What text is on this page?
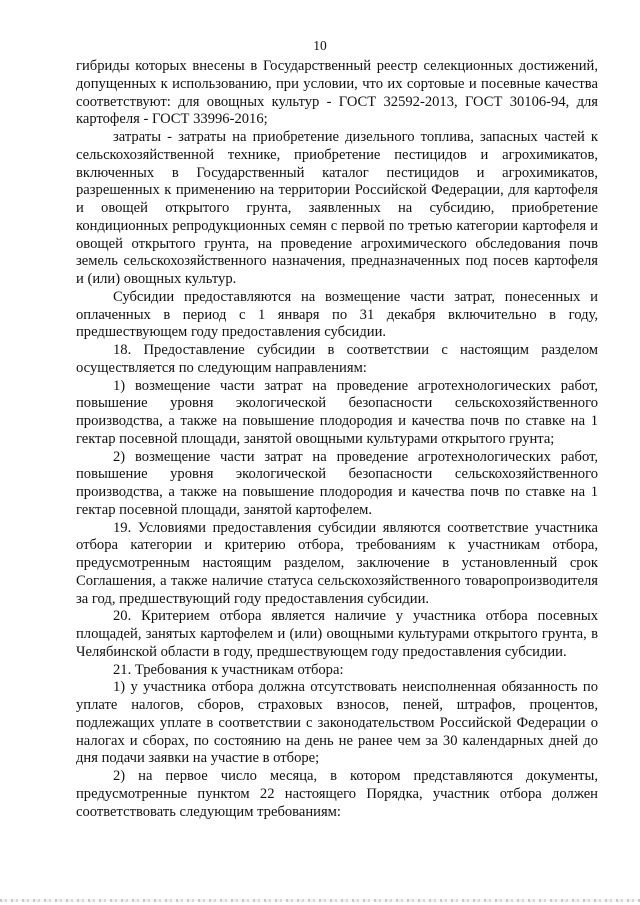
10

гибриды которых внесены в Государственный реестр селекционных достижений, допущенных к использованию, при условии, что их сортовые и посевные качества соответствуют: для овощных культур - ГОСТ 32592-2013, ГОСТ 30106-94, для картофеля - ГОСТ 33996-2016;

затраты - затраты на приобретение дизельного топлива, запасных частей к сельскохозяйственной технике, приобретение пестицидов и агрохимикатов, включенных в Государственный каталог пестицидов и агрохимикатов, разрешенных к применению на территории Российской Федерации, для картофеля и овощей открытого грунта, заявленных на субсидию, приобретение кондиционных репродукционных семян с первой по третью категории картофеля и овощей открытого грунта, на проведение агрохимического обследования почв земель сельскохозяйственного назначения, предназначенных под посев картофеля и (или) овощных культур.

Субсидии предоставляются на возмещение части затрат, понесенных и оплаченных в период с 1 января по 31 декабря включительно в году, предшествующем году предоставления субсидии.

18. Предоставление субсидии в соответствии с настоящим разделом осуществляется по следующим направлениям:

1) возмещение части затрат на проведение агротехнологических работ, повышение уровня экологической безопасности сельскохозяйственного производства, а также на повышение плодородия и качества почв по ставке на 1 гектар посевной площади, занятой овощными культурами открытого грунта;

2) возмещение части затрат на проведение агротехнологических работ, повышение уровня экологической безопасности сельскохозяйственного производства, а также на повышение плодородия и качества почв по ставке на 1 гектар посевной площади, занятой картофелем.

19. Условиями предоставления субсидии являются соответствие участника отбора категории и критерию отбора, требованиям к участникам отбора, предусмотренным настоящим разделом, заключение в установленный срок Соглашения, а также наличие статуса сельскохозяйственного товаропроизводителя за год, предшествующий году предоставления субсидии.

20. Критерием отбора является наличие у участника отбора посевных площадей, занятых картофелем и (или) овощными культурами открытого грунта, в Челябинской области в году, предшествующем году предоставления субсидии.

21. Требования к участникам отбора:

1) у участника отбора должна отсутствовать неисполненная обязанность по уплате налогов, сборов, страховых взносов, пеней, штрафов, процентов, подлежащих уплате в соответствии с законодательством Российской Федерации о налогах и сборах, по состоянию на день не ранее чем за 30 календарных дней до дня подачи заявки на участие в отборе;

2) на первое число месяца, в котором представляются документы, предусмотренные пунктом 22 настоящего Порядка, участник отбора должен соответствовать следующим требованиям:
